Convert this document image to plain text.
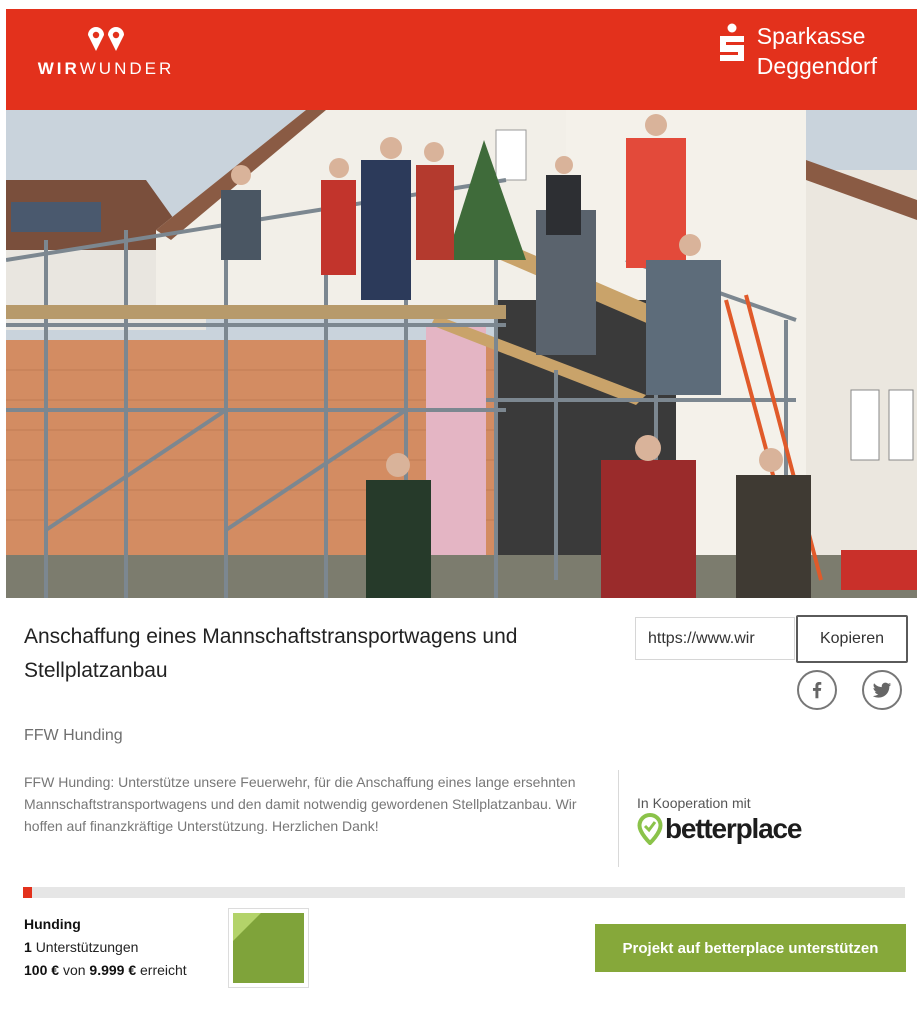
WIRWUNDER
Sparkasse
Deggendorf
Anschaffung eines Mannschaftstransportwagens und Stellplatzanbau
https://www.wir
Kopieren
FFW Hunding

FFW Hunding: Unterstütze unsere Feuerwehr, für die Anschaffung eines lange ersehnten Mannschaftstransportwagens und den damit notwendig gewordenen Stellplatzanbau. Wir hoffen auf finanzkräftige Unterstützung. Herzlichen Dank!

In Kooperation mit
betterplace
Hunding
1 Unterstützungen
100 € von 9.999 € erreicht
Projekt auf betterplace unterstützen
